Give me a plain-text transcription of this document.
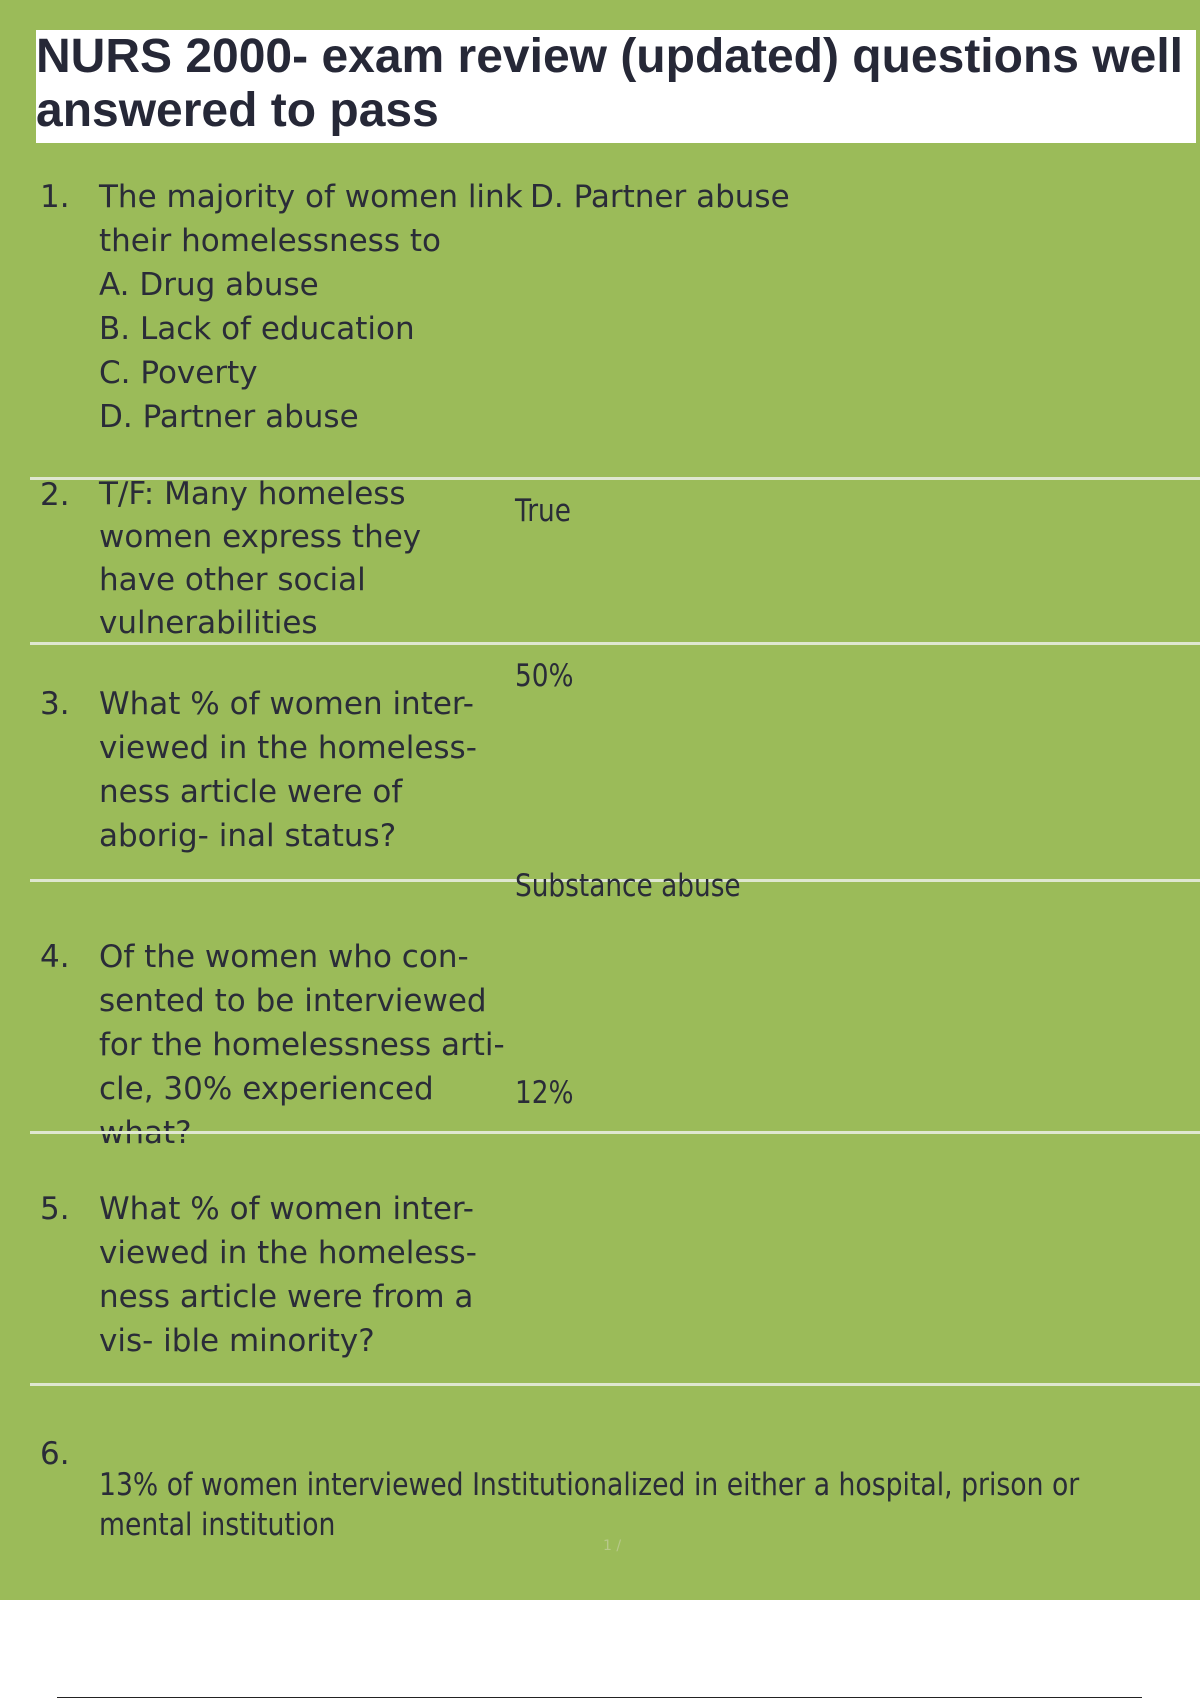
NURS 2000- exam review (updated) questions well answered to pass
1. The majority of women link their homelessness to
A. Drug abuse
B. Lack of education
C. Poverty
D. Partner abuse
D. Partner abuse
2. T/F: Many homeless women express they have other social vulnerabilities

True
3. What % of women inter- viewed in the homeless- ness article were of aborig- inal status?

50%
4. Of the women who con- sented to be interviewed for the homelessness arti- cle, 30% experienced what?

Substance abuse
5. What % of women inter- viewed in the homeless- ness article were from a vis- ible minority?

12%
6.

13% of women interviewed Institutionalized in either a hospital, prison or mental institution

1 /
